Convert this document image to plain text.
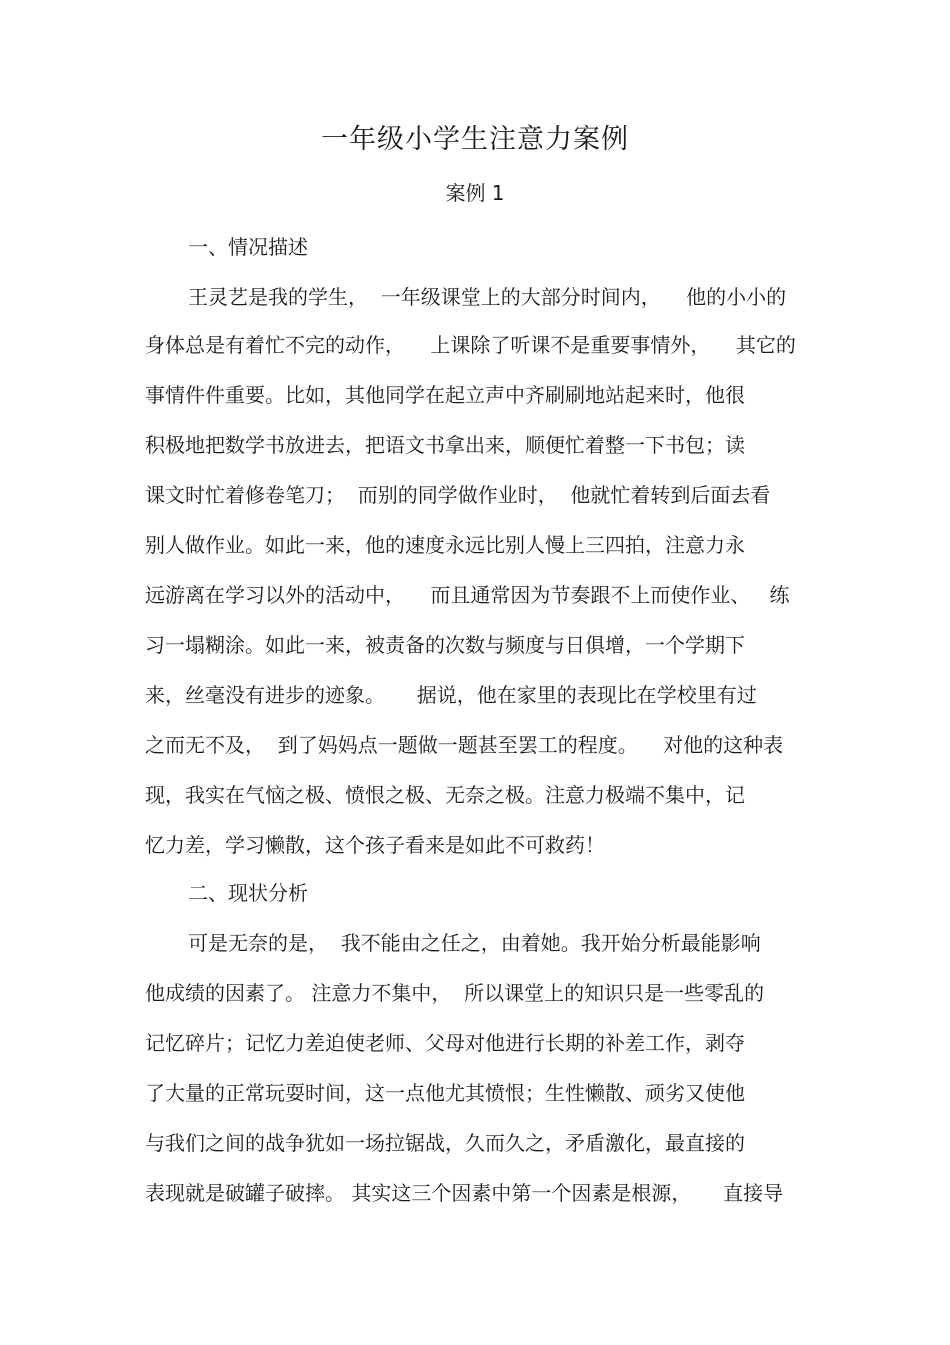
一年级小学生注意力案例
案例 1
一、情况描述
王灵艺是我的学生，  一年级课堂上的大部分时间内，    他的小小的
身体总是有着忙不完的动作，    上课除了听课不是重要事情外，    其它的
事情件件重要。比如，其他同学在起立声中齐刷刷地站起来时，他很
积极地把数学书放进去，把语文书拿出来，顺便忙着整一下书包；读
课文时忙着修卷笔刀；  而别的同学做作业时，  他就忙着转到后面去看
别人做作业。如此一来，他的速度永远比别人慢上三四拍，注意力永
远游离在学习以外的活动中，    而且通常因为节奏跟不上而使作业、   练
习一塌糊涂。如此一来，被责备的次数与频度与日俱增，一个学期下
来，丝毫没有进步的迹象。     据说，他在家里的表现比在学校里有过
之而无不及，  到了妈妈点一题做一题甚至罢工的程度。    对他的这种表
现，我实在气恼之极、愤恨之极、无奈之极。注意力极端不集中，记
忆力差，学习懒散，这个孩子看来是如此不可救药！
二、现状分析
可是无奈的是，  我不能由之任之，由着她。我开始分析最能影响
他成绩的因素了。 注意力不集中，  所以课堂上的知识只是一些零乱的
记忆碎片；记忆力差迫使老师、父母对他进行长期的补差工作，剥夺
了大量的正常玩耍时间，这一点他尤其愤恨；生性懒散、顽劣又使他
与我们之间的战争犹如一场拉锯战，久而久之，矛盾激化，最直接的
表现就是破罐子破摔。 其实这三个因素中第一个因素是根源，     直接导
